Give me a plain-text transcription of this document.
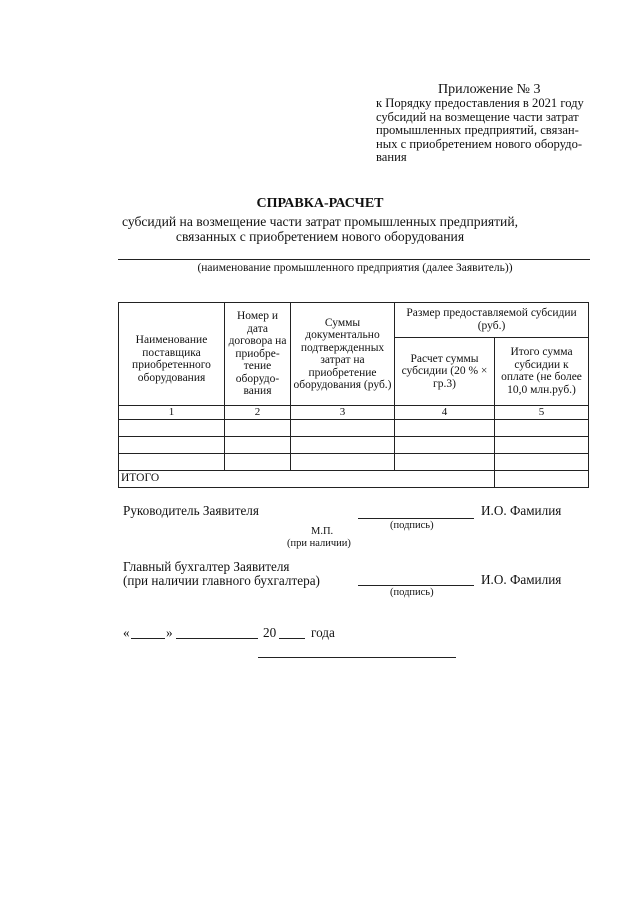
Приложение № 3
к Порядку предоставления в 2021 году
субсидий на возмещение части затрат
промышленных предприятий, связан-
ных с приобретением нового оборудо-
вания
СПРАВКА-РАСЧЕТ
субсидий на возмещение части затрат промышленных предприятий,
связанных с приобретением нового оборудования
(наименование промышленного предприятия (далее Заявитель))
Наименование поставщика приобретенного оборудования	Номер и дата договора на приобре- тение оборудо- вания	Суммы документально подтвержденных затрат на приобретение оборудования (руб.)	Размер предоставляемой субсидии (руб.)	
			Расчет суммы субсидии (20 % × гр.3)	Итого сумма субсидии к оплате (не более 10,0 млн.руб.)
1	2	3	4	5

ИТОГО				
Руководитель Заявителя
(подпись)
И.О. Фамилия
М.П.
(при наличии)
Главный бухгалтер Заявителя
(при наличии главного бухгалтера)
(подпись)
И.О. Фамилия
«	»	20	года
